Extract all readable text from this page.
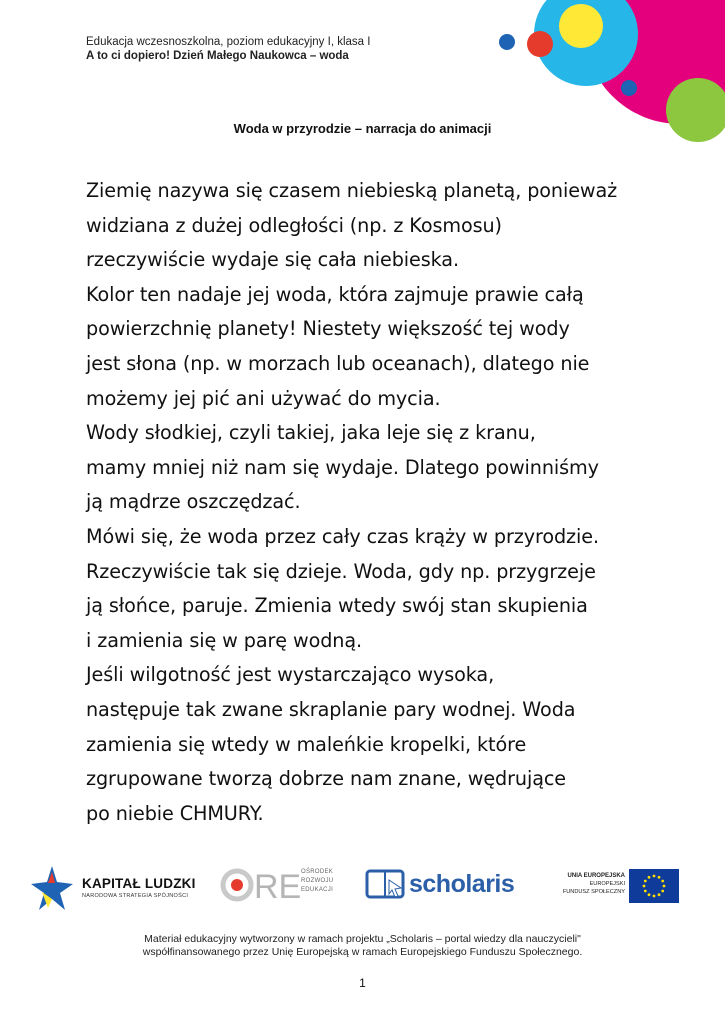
Edukacja wczesnoszkolna, poziom edukacyjny I, klasa I
A to ci dopiero! Dzień Małego Naukowca – woda
Woda w przyrodzie – narracja do animacji
Ziemię nazywa się czasem niebieską planetą, ponieważ
widziana z dużej odległości (np. z Kosmosu)
rzeczywiście wydaje się cała niebieska.
Kolor ten nadaje jej woda, która zajmuje prawie całą
powierzchnię planety! Niestety większość tej wody
jest słona (np. w morzach lub oceanach), dlatego nie
możemy jej pić ani używać do mycia.
Wody słodkiej, czyli takiej, jaka leje się z kranu,
mamy mniej niż nam się wydaje. Dlatego powinniśmy
ją mądrze oszczędzać.
Mówi się, że woda przez cały czas krąży w przyrodzie.
Rzeczywiście tak się dzieje. Woda, gdy np. przygrzeje
ją słońce, paruje. Zmienia wtedy swój stan skupienia
i zamienia się w parę wodną.
Jeśli wilgotność jest wystarczająco wysoka,
następuje tak zwane skraplanie pary wodnej. Woda
zamienia się wtedy w maleńkie kropelki, które
zgrupowane tworzą dobrze nam znane, wędrujące
po niebie CHMURY.
RE
KAPITAŁ LUDZKI
NARODOWA STRATEGIA SPÓJNOŚCI
OŚRODEK
ROZWOJU
EDUKACJI	scholaris	UNIA EUROPEJSKA
EUROPEJSKI
FUNDUSZ SPOŁECZNY
Materiał edukacyjny wytworzony w ramach projektu „Scholaris – portal wiedzy dla nauczycieli"
współfinansowanego przez Unię Europejską w ramach Europejskiego Funduszu Społecznego.
1
